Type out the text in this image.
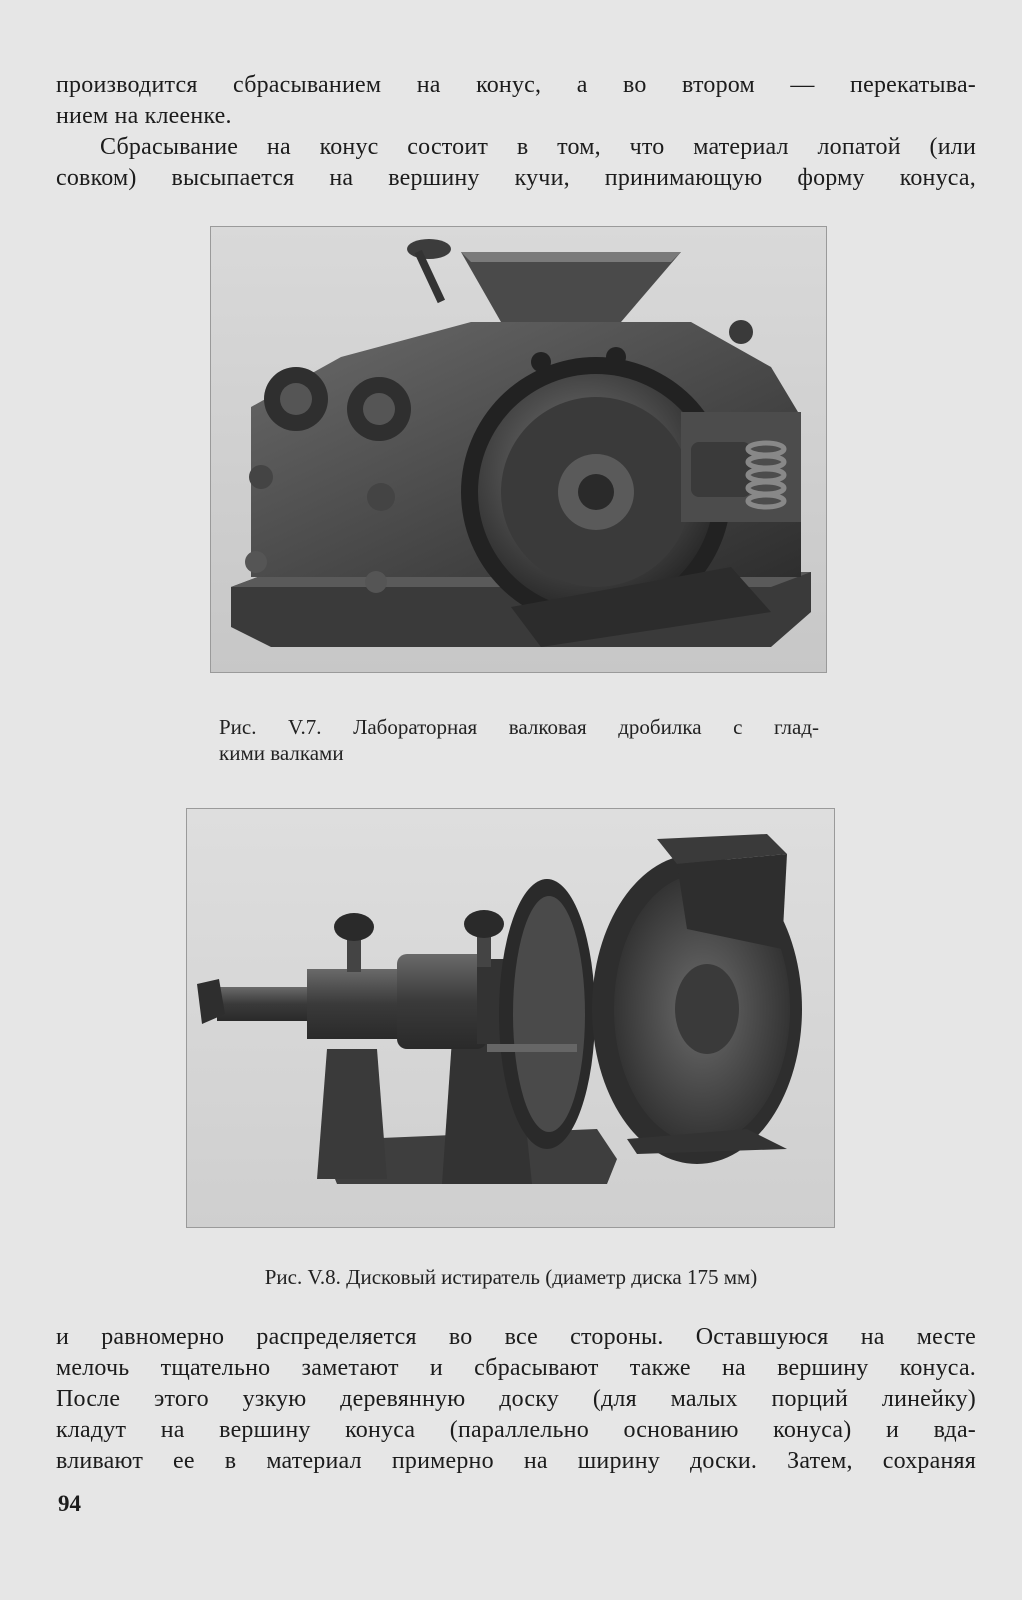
производится сбрасыванием на конус, а во втором — перекатыва-
нием на клеенке.

Сбрасывание на конус состоит в том, что материал лопатой (или
совком) высыпается на вершину кучи, принимающую форму конуса,

Рис. V.7. Лабораторная валковая дробилка с глад-
кими валками
Рис. V.8. Дисковый истиратель (диаметр диска 175 мм)

и равномерно распределяется во все стороны. Оставшуюся на месте
мелочь тщательно заметают и сбрасывают также на вершину конуса.
После этого узкую деревянную доску (для малых порций линейку)
кладут на вершину конуса (параллельно основанию конуса) и вда-
вливают ее в материал примерно на ширину доски. Затем, сохраняя

94
